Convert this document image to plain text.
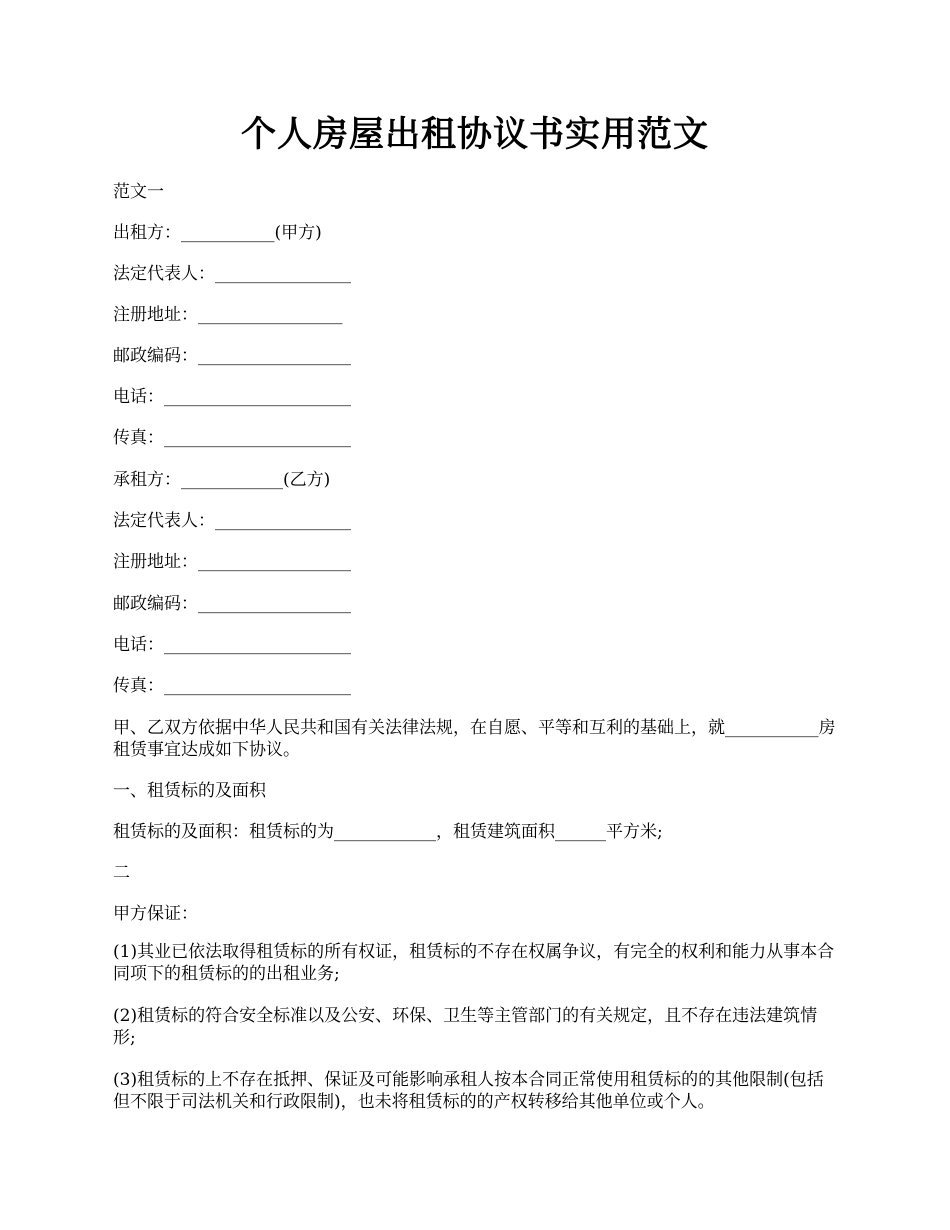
个人房屋出租协议书实用范文

范文一

出租方：___________(甲方)

法定代表人：________________

注册地址：_________________

邮政编码：__________________

电话：______________________

传真：______________________

承租方：____________(乙方)

法定代表人：________________

注册地址：__________________

邮政编码：__________________

电话：______________________

传真：______________________

甲、乙双方依据中华人民共和国有关法律法规，在自愿、平等和互利的基础上，就___________房租赁事宜达成如下协议。

一、租赁标的及面积

租赁标的及面积：租赁标的为____________，租赁建筑面积______平方米;

二

甲方保证：

(1)其业已依法取得租赁标的所有权证，租赁标的不存在权属争议，有完全的权利和能力从事本合同项下的租赁标的的出租业务;

(2)租赁标的符合安全标准以及公安、环保、卫生等主管部门的有关规定，且不存在违法建筑情形;

(3)租赁标的上不存在抵押、保证及可能影响承租人按本合同正常使用租赁标的的其他限制(包括但不限于司法机关和行政限制)，也未将租赁标的的产权转移给其他单位或个人。
